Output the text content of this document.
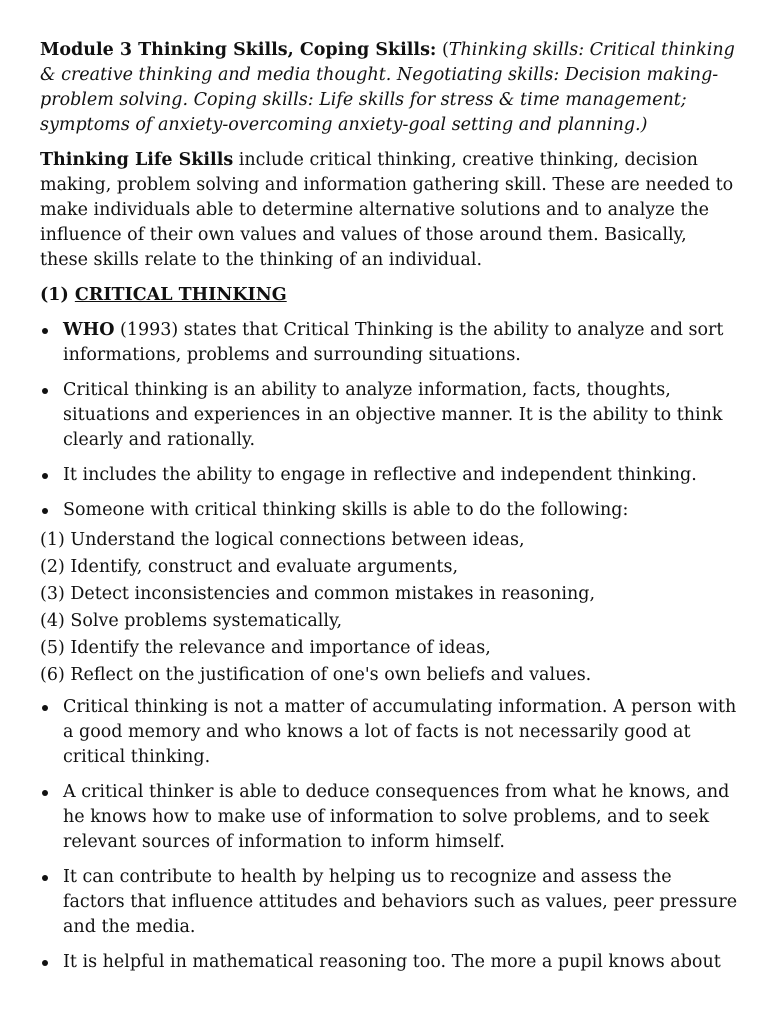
Module 3 Thinking Skills, Coping Skills: (Thinking skills: Critical thinking & creative thinking and media thought. Negotiating skills: Decision making-problem solving. Coping skills: Life skills for stress & time management; symptoms of anxiety-overcoming anxiety-goal setting and planning.)

Thinking Life Skills include critical thinking, creative thinking, decision making, problem solving and information gathering skill. These are needed to make individuals able to determine alternative solutions and to analyze the influence of their own values and values of those around them. Basically, these skills relate to the thinking of an individual.

(1) CRITICAL THINKING

WHO (1993) states that Critical Thinking is the ability to analyze and sort informations, problems and surrounding situations.
Critical thinking is an ability to analyze information, facts, thoughts, situations and experiences in an objective manner. It is the ability to think clearly and rationally.
It includes the ability to engage in reflective and independent thinking.
Someone with critical thinking skills is able to do the following:
(1) Understand the logical connections between ideas,
(2) Identify, construct and evaluate arguments,
(3) Detect inconsistencies and common mistakes in reasoning,
(4) Solve problems systematically,
(5) Identify the relevance and importance of ideas,
(6) Reflect on the justification of one's own beliefs and values.
Critical thinking is not a matter of accumulating information. A person with a good memory and who knows a lot of facts is not necessarily good at critical thinking.
A critical thinker is able to deduce consequences from what he knows, and he knows how to make use of information to solve problems, and to seek relevant sources of information to inform himself.
It can contribute to health by helping us to recognize and assess the factors that influence attitudes and behaviors such as values, peer pressure and the media.
It is helpful in mathematical reasoning too. The more a pupil knows about
